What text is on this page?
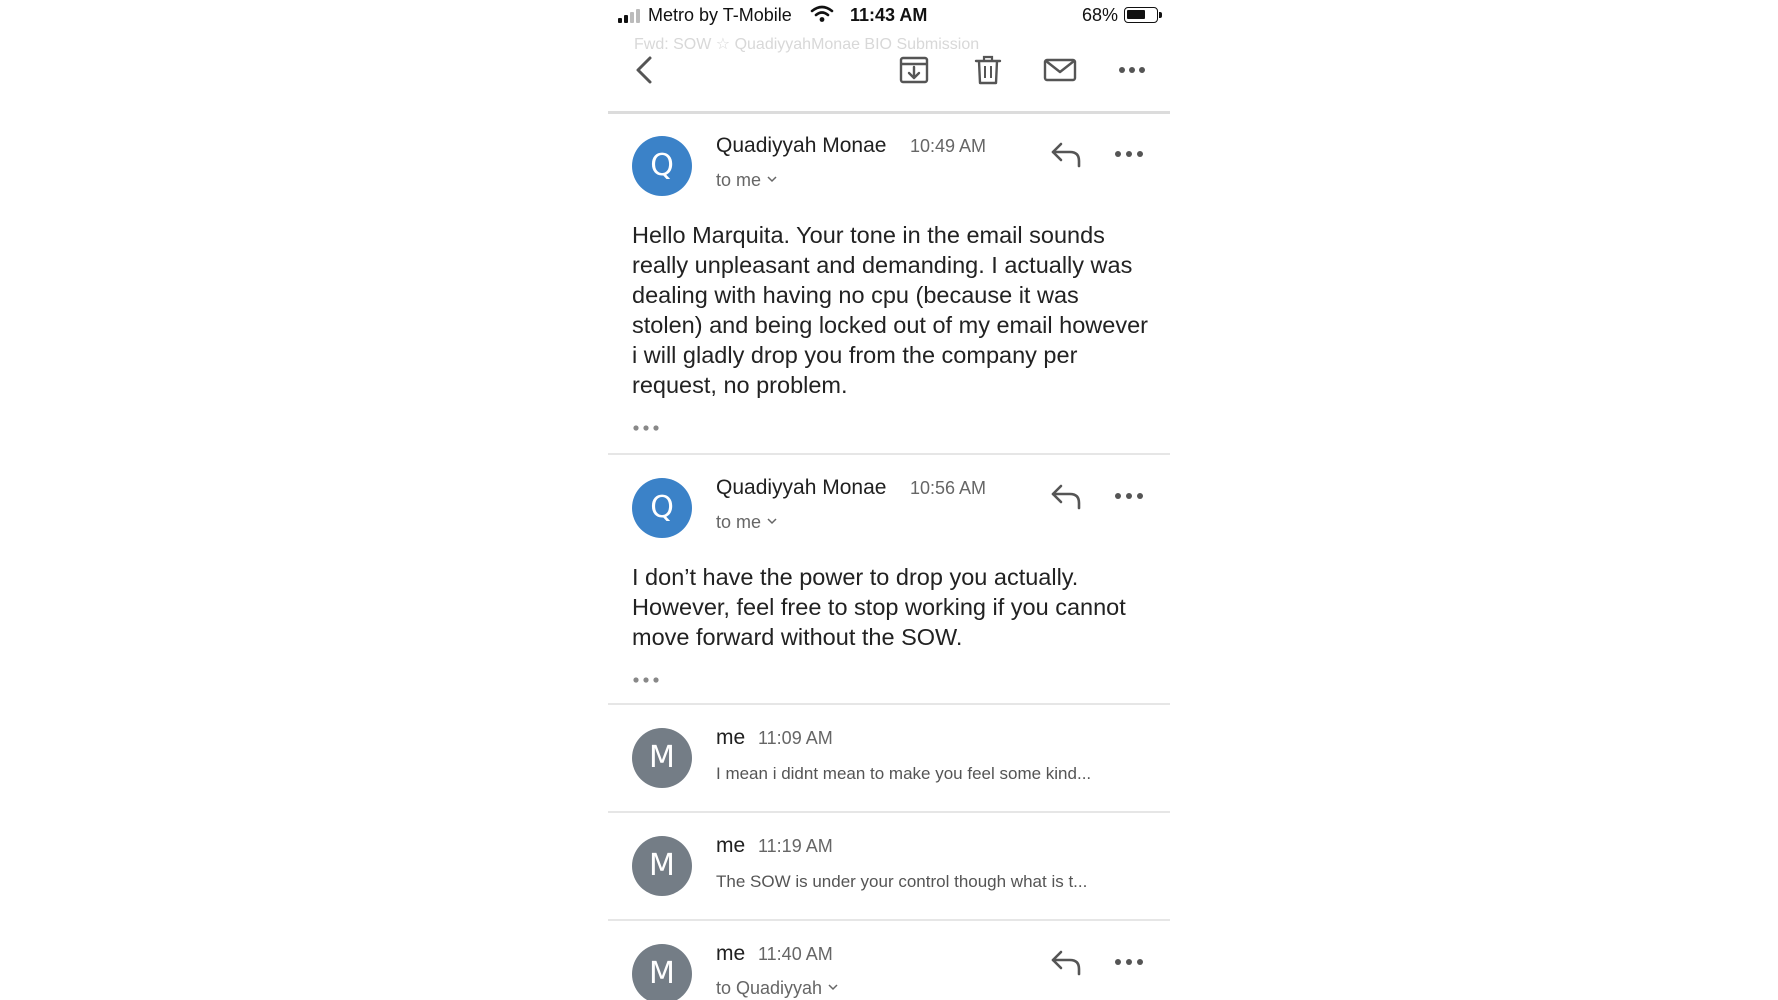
Metro by T-Mobile	11:43 AM	68%
Fwd: SOW ☆ QuadiyyahMonae BIO Submission
Q
Quadiyyah Monae 10:49 AM
to me
Hello Marquita. Your tone in the email sounds really unpleasant and demanding. I actually was dealing with having no cpu (because it was stolen) and being locked out of my email however i will gladly drop you from the company per request, no problem.
Q
Quadiyyah Monae 10:56 AM
to me
I don’t have the power to drop you actually. However, feel free to stop working if you cannot move forward without the SOW.
M
me 11:09 AM
I mean i didnt mean to make you feel some kind...
M
me 11:19 AM
The SOW is under your control though what is t...
M
me 11:40 AM
to Quadiyyah
